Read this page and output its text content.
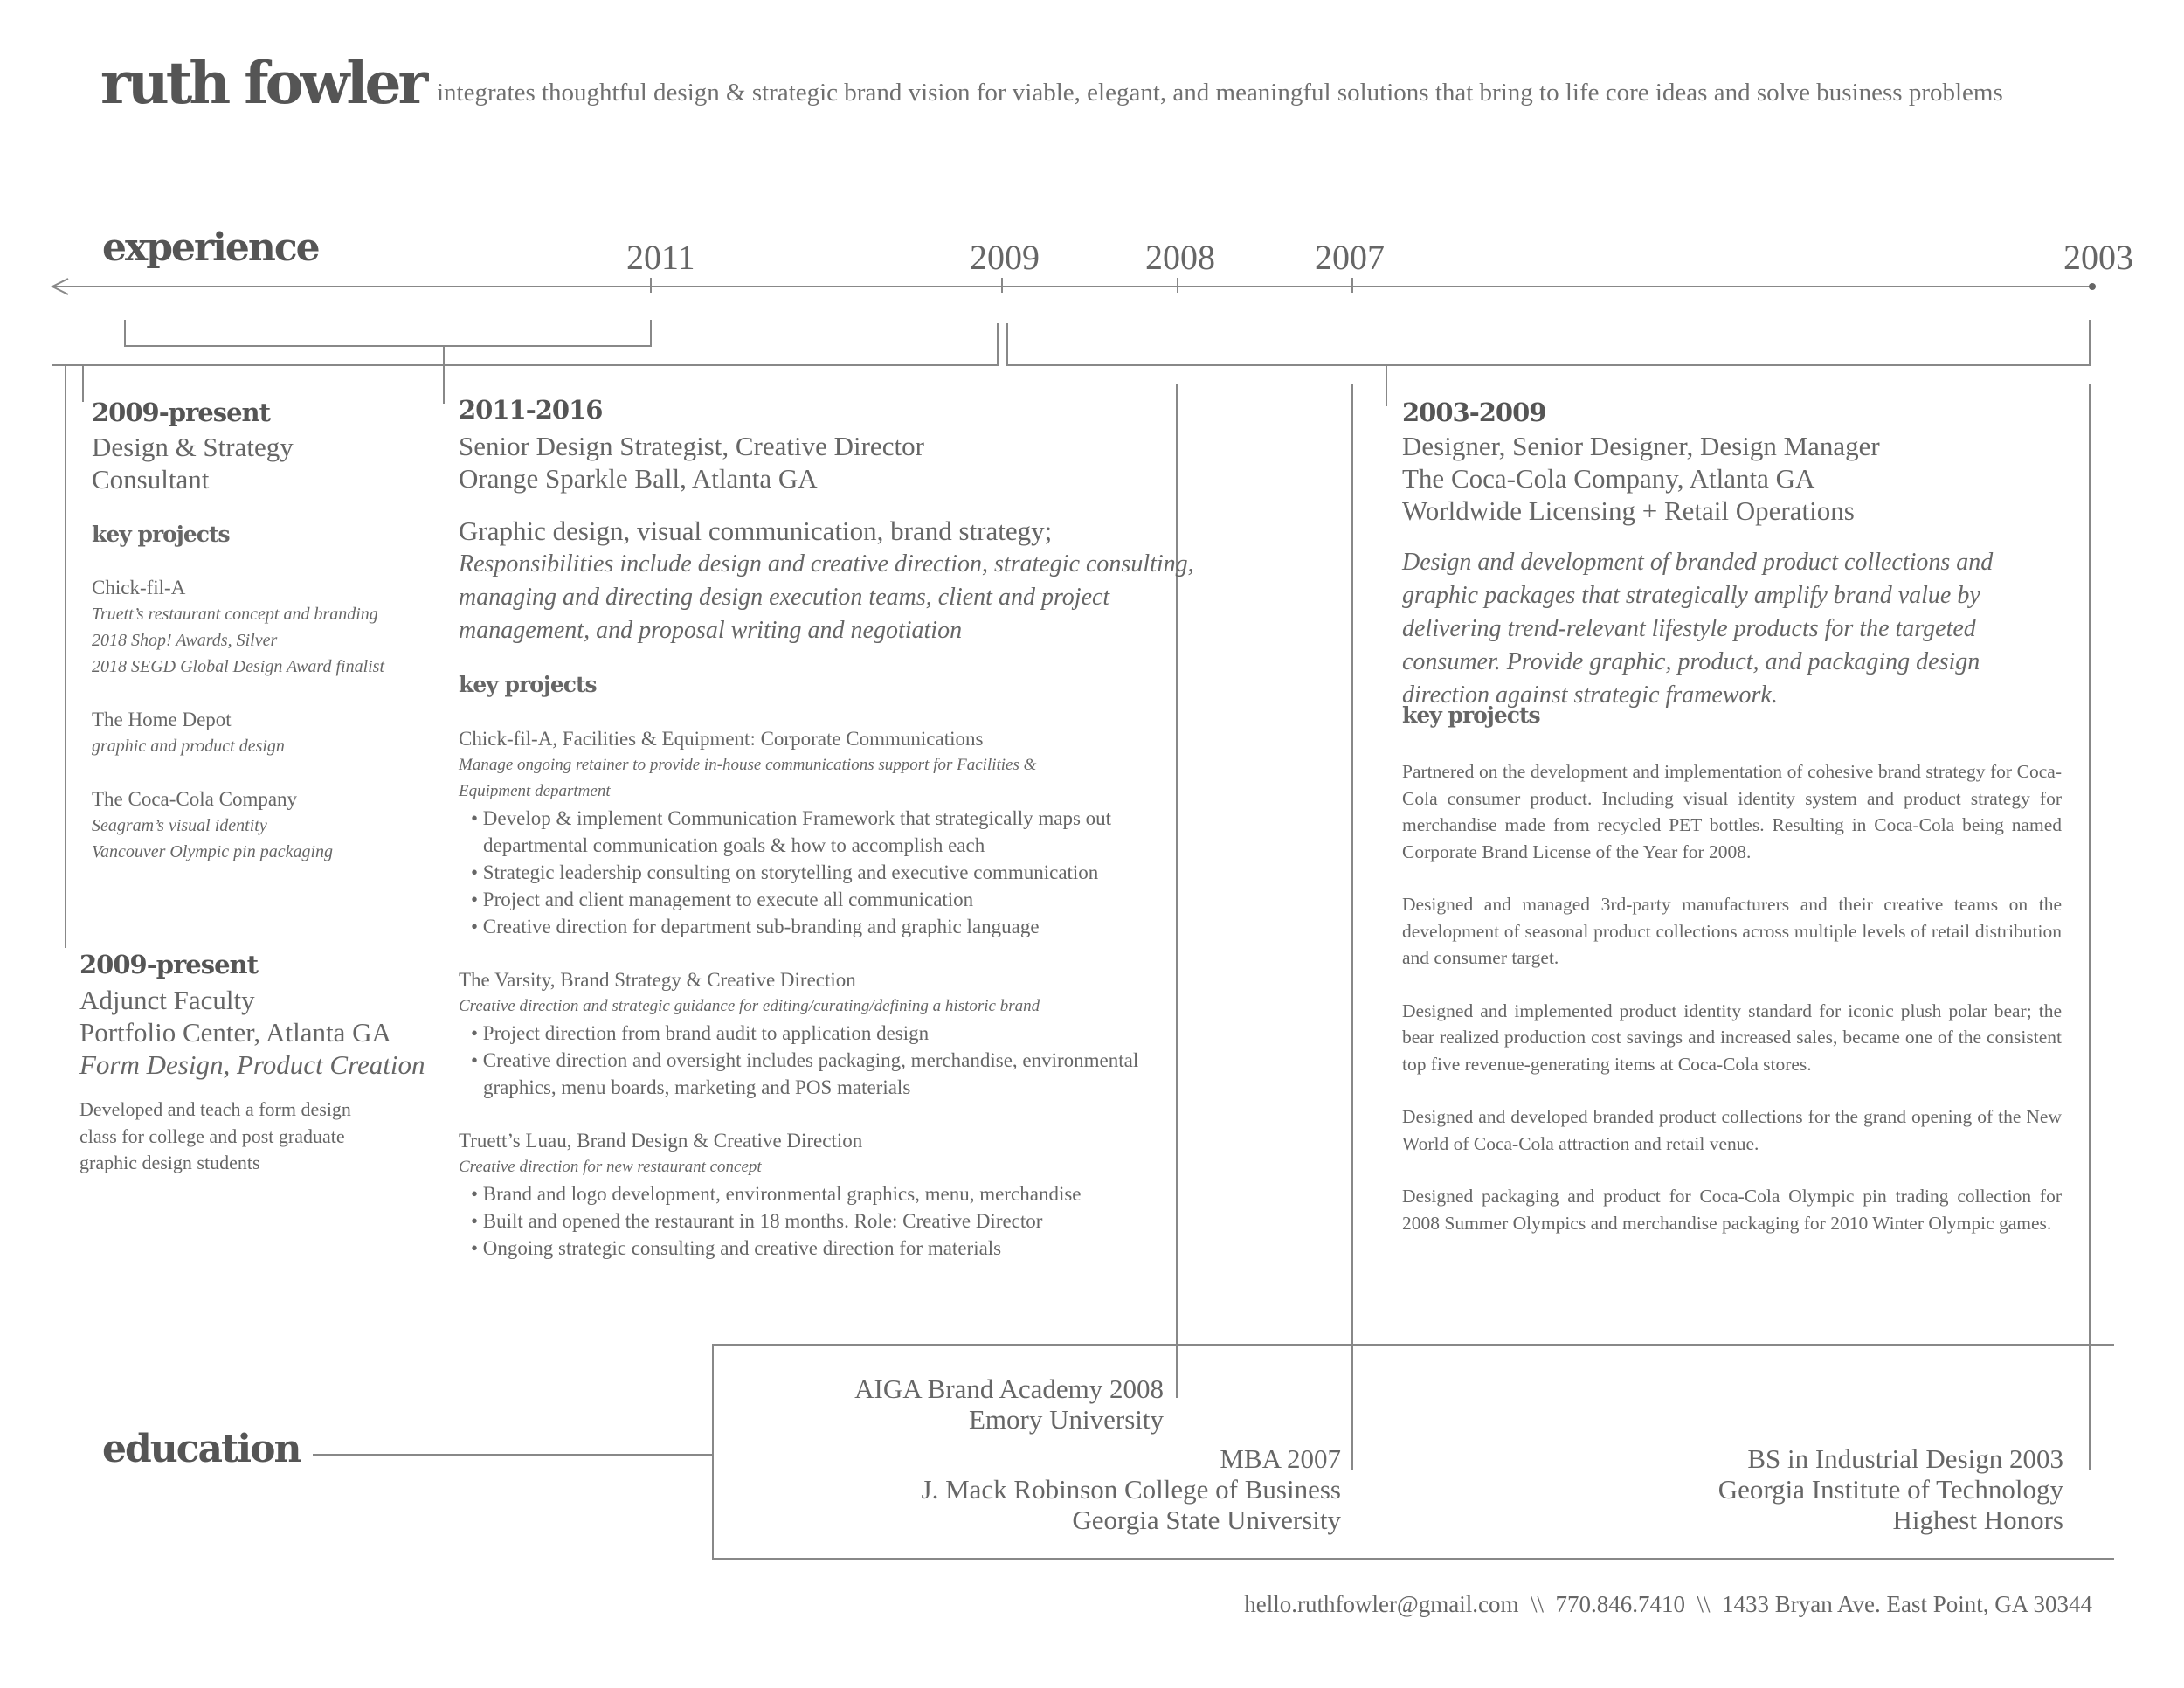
ruth fowler integrates thoughtful design & strategic brand vision for viable, elegant, and meaningful solutions that bring to life core ideas and solve business problems
experience	2011	2009	2008	2007	2003
2009-present
Design & Strategy
Consultant
key projects
Chick-fil-A
Truett’s restaurant concept and branding
2018 Shop! Awards, Silver
2018 SEGD Global Design Award finalist
The Home Depot
graphic and product design
The Coca-Cola Company
Seagram’s visual identity
Vancouver Olympic pin packaging
2009-present
Adjunct Faculty
Portfolio Center, Atlanta GA
Form Design, Product Creation
Developed and teach a form design
class for college and post graduate
graphic design students
2011-2016
Senior Design Strategist, Creative Director
Orange Sparkle Ball, Atlanta GA
Graphic design, visual communication, brand strategy;
Responsibilities include design and creative direction, strategic consulting,
managing and directing design execution teams, client and project
management, and proposal writing and negotiation
key projects
Chick-fil-A, Facilities & Equipment: Corporate Communications
Manage ongoing retainer to provide in-house communications support for Facilities &
Equipment department
• Develop & implement Communication Framework that strategically maps out departmental communication goals & how to accomplish each
• Strategic leadership consulting on storytelling and executive communication
• Project and client management to execute all communication
• Creative direction for department sub-branding and graphic language
The Varsity, Brand Strategy & Creative Direction
Creative direction and strategic guidance for editing/curating/defining a historic brand
• Project direction from brand audit to application design
• Creative direction and oversight includes packaging, merchandise, environmental graphics, menu boards, marketing and POS materials
Truett’s Luau, Brand Design & Creative Direction
Creative direction for new restaurant concept
• Brand and logo development, environmental graphics, menu, merchandise
• Built and opened the restaurant in 18 months. Role: Creative Director
• Ongoing strategic consulting and creative direction for materials
2003-2009
Designer, Senior Designer, Design Manager
The Coca-Cola Company, Atlanta GA
Worldwide Licensing + Retail Operations
Design and development of branded product collections and graphic packages that strategically amplify brand value by delivering trend-relevant lifestyle products for the targeted consumer. Provide graphic, product, and packaging design direction against strategic framework.
key projects
Partnered on the development and implementation of cohesive brand strategy for Coca-Cola consumer product. Including visual identity system and product strategy for merchandise made from recycled PET bottles. Resulting in Coca-Cola being named Corporate Brand License of the Year for 2008.
Designed and managed 3rd-party manufacturers and their creative teams on the development of seasonal product collections across multiple levels of retail distribution and consumer target.
Designed and implemented product identity standard for iconic plush polar bear; the bear realized production cost savings and increased sales, became one of the consistent top five revenue-generating items at Coca-Cola stores.
Designed and developed branded product collections for the grand opening of the New World of Coca-Cola attraction and retail venue.
Designed packaging and product for Coca-Cola Olympic pin trading collection for 2008 Summer Olympics and merchandise packaging for 2010 Winter Olympic games.
education
AIGA Brand Academy 2008
Emory University
MBA 2007
J. Mack Robinson College of Business
Georgia State University
BS in Industrial Design 2003
Georgia Institute of Technology
Highest Honors
hello.ruthfowler@gmail.com  \\  770.846.7410  \\  1433 Bryan Ave. East Point, GA 30344
